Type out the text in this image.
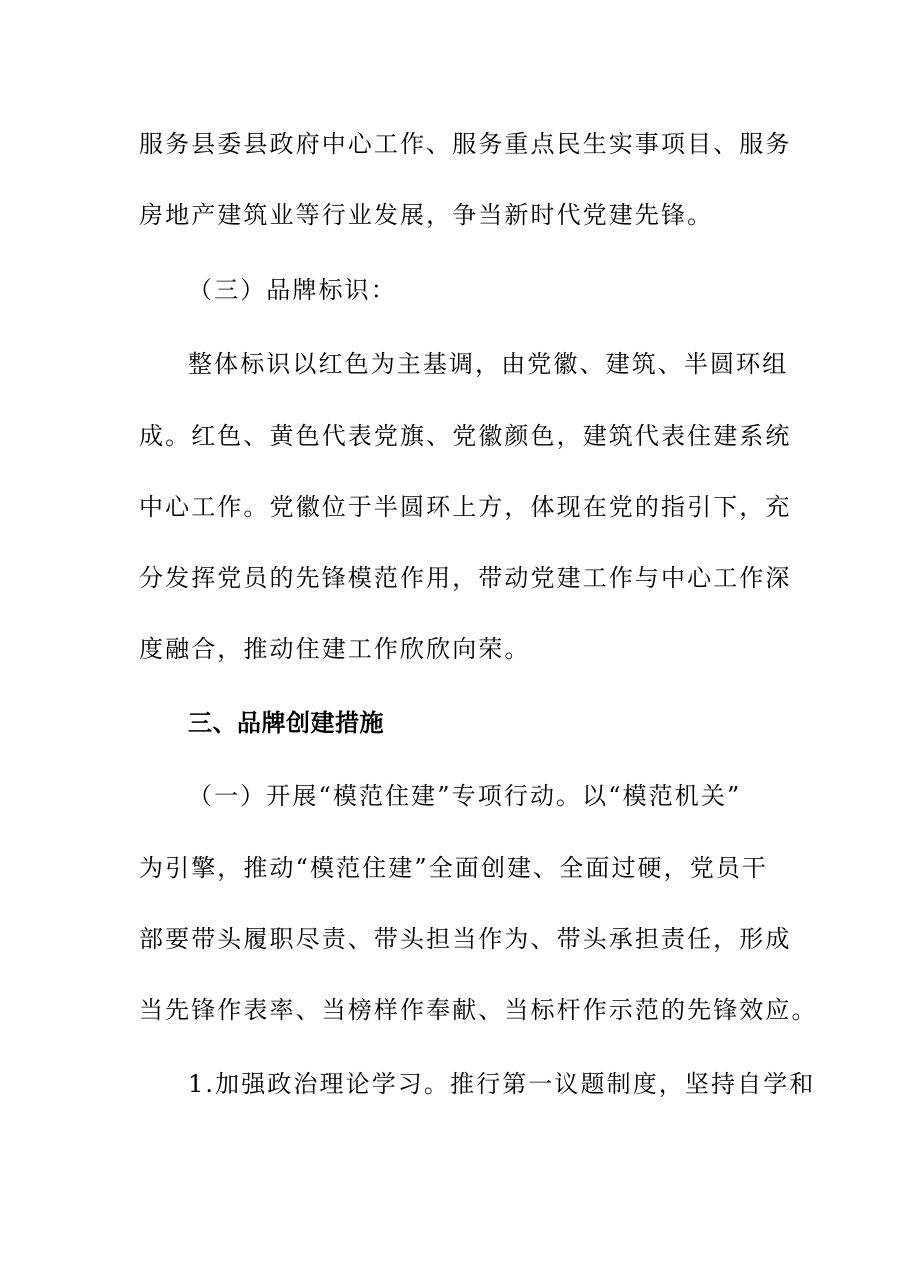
服务县委县政府中心工作、服务重点民生实事项目、服务
房地产建筑业等行业发展，争当新时代党建先锋。
（三）品牌标识：
整体标识以红色为主基调，由党徽、建筑、半圆环组
成。红色、黄色代表党旗、党徽颜色，建筑代表住建系统
中心工作。党徽位于半圆环上方，体现在党的指引下，充
分发挥党员的先锋模范作用，带动党建工作与中心工作深
度融合，推动住建工作欣欣向荣。
三、品牌创建措施
（一）开展“模范住建”专项行动。以“模范机关”
为引擎，推动“模范住建”全面创建、全面过硬，党员干
部要带头履职尽责、带头担当作为、带头承担责任，形成
当先锋作表率、当榜样作奉献、当标杆作示范的先锋效应。
1.加强政治理论学习。推行第一议题制度，坚持自学和
